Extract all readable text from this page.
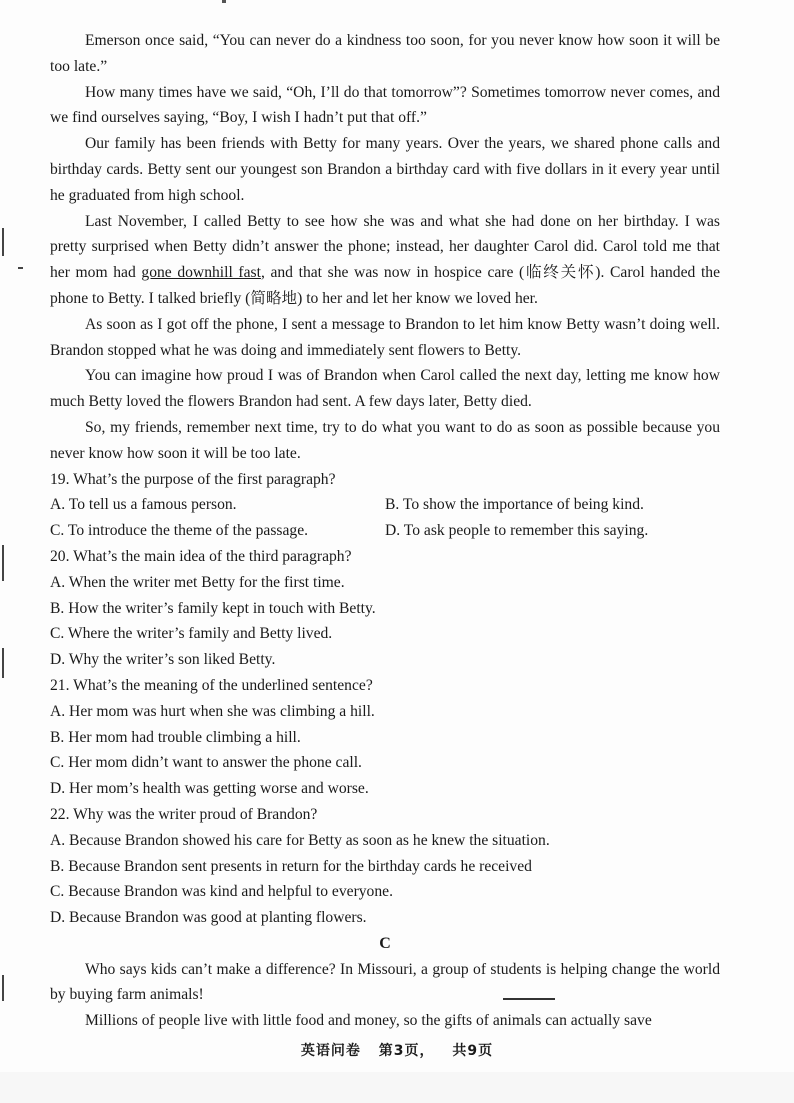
Emerson once said, “You can never do a kindness too soon, for you never know how soon it will be too late.”

How many times have we said, “Oh, I’ll do that tomorrow”? Sometimes tomorrow never comes, and we find ourselves saying, “Boy, I wish I hadn’t put that off.”

Our family has been friends with Betty for many years. Over the years, we shared phone calls and birthday cards. Betty sent our youngest son Brandon a birthday card with five dollars in it every year until he graduated from high school.

Last November, I called Betty to see how she was and what she had done on her birthday. I was pretty surprised when Betty didn’t answer the phone; instead, her daughter Carol did. Carol told me that her mom had gone downhill fast, and that she was now in hospice care (临终关怀). Carol handed the phone to Betty. I talked briefly (简略地) to her and let her know we loved her.

As soon as I got off the phone, I sent a message to Brandon to let him know Betty wasn’t doing well. Brandon stopped what he was doing and immediately sent flowers to Betty.

You can imagine how proud I was of Brandon when Carol called the next day, letting me know how much Betty loved the flowers Brandon had sent. A few days later, Betty died.

So, my friends, remember next time, try to do what you want to do as soon as possible because you never know how soon it will be too late.

19. What’s the purpose of the first paragraph?

A. To tell us a famous person.	B. To show the importance of being kind.
C. To introduce the theme of the passage.	D. To ask people to remember this saying.

20. What’s the main idea of the third paragraph?

A. When the writer met Betty for the first time.

B. How the writer’s family kept in touch with Betty.

C. Where the writer’s family and Betty lived.

D. Why the writer’s son liked Betty.

21. What’s the meaning of the underlined sentence?

A. Her mom was hurt when she was climbing a hill.

B. Her mom had trouble climbing a hill.

C. Her mom didn’t want to answer the phone call.

D. Her mom’s health was getting worse and worse.

22. Why was the writer proud of Brandon?

A. Because Brandon showed his care for Betty as soon as he knew the situation.

B. Because Brandon sent presents in return for the birthday cards he received

C. Because Brandon was kind and helpful to everyone.

D. Because Brandon was good at planting flowers.

C

Who says kids can’t make a difference? In Missouri, a group of students is helping change the world by buying farm animals!

Millions of people live with little food and money, so the gifts of animals can actually save

英语问卷 第3页， 共9页
